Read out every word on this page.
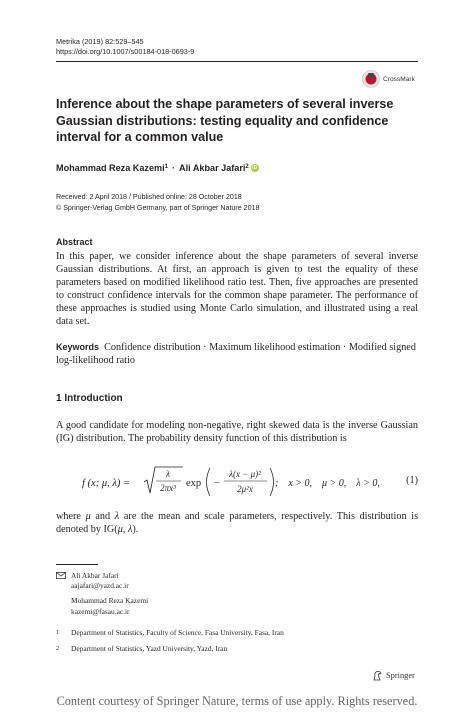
Metrika (2019) 82:529–545
https://doi.org/10.1007/s00184-018-0693-9
CrossMark
Inference about the shape parameters of several inverse Gaussian distributions: testing equality and confidence interval for a common value
Mohammad Reza Kazemi$^1$ · Ali Akbar Jafari$^2$ iD
Received: 2 April 2018 / Published online: 28 October 2018
© Springer-Verlag GmbH Germany, part of Springer Nature 2018
Abstract
In this paper, we consider inference about the shape parameters of several inverse Gaussian distributions. At first, an approach is given to test the equality of these parameters based on modified likelihood ratio test. Then, five approaches are presented to construct confidence intervals for the common shape parameter. The performance of these approaches is studied using Monte Carlo simulation, and illustrated using a real data set.
Keywords Confidence distribution · Maximum likelihood estimation · Modified signed log-likelihood ratio
1 Introduction
A good candidate for modeling non-negative, right skewed data is the inverse Gaussian (IG) distribution. The probability density function of this distribution is
f (x; μ, λ) =
λ
2πx³ exp −
λ(x − μ)²
2μ²x ;    x > 0,    μ > 0,    λ > 0,	(1)
where μ and λ are the mean and scale parameters, respectively. This distribution is denoted by IG(μ, λ).
Ali Akbar Jafari
aajafari@yazd.ac.ir
Mohammad Reza Kazemi
kazemi@fasau.ac.ir
1 Department of Statistics, Faculty of Science, Fasa University, Fasa, Iran
2 Department of Statistics, Yazd University, Yazd, Iran
Springer
Content courtesy of Springer Nature, terms of use apply. Rights reserved.
